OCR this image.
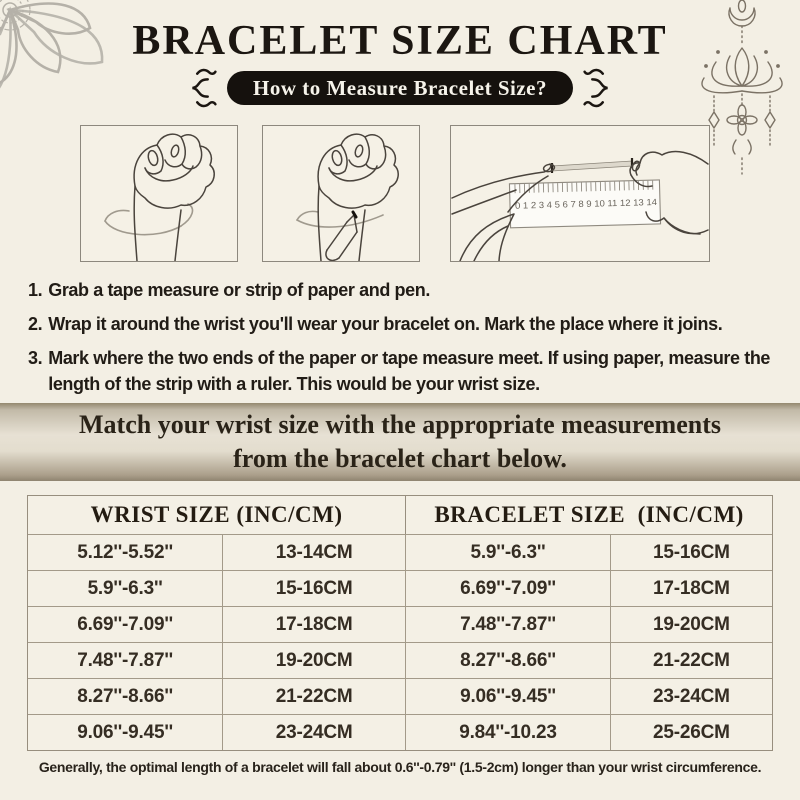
BRACELET SIZE CHART
How to Measure Bracelet Size?
0 1 2 3 4 5 6 7 8 9 10 11 12 13 14
1. Grab a tape measure or strip of paper and pen.
2. Wrap it around the wrist you'll wear your bracelet on. Mark the place where it joins.
3. Mark where the two ends of the paper or tape measure meet. If using paper, measure the length of the strip with a ruler. This would be your wrist size.
Match your wrist size with the appropriate measurements
from the bracelet chart below.
WRIST SIZE (INC/CM)	BRACELET SIZE  (INC/CM)
5.12''-5.52''	13-14CM	5.9''-6.3''	15-16CM
5.9''-6.3''	15-16CM	6.69''-7.09''	17-18CM
6.69''-7.09''	17-18CM	7.48''-7.87''	19-20CM
7.48''-7.87''	19-20CM	8.27''-8.66''	21-22CM
8.27''-8.66''	21-22CM	9.06''-9.45''	23-24CM
9.06''-9.45''	23-24CM	9.84''-10.23	25-26CM
Generally, the optimal length of a bracelet will fall about 0.6''-0.79'' (1.5-2cm) longer than your wrist circumference.
